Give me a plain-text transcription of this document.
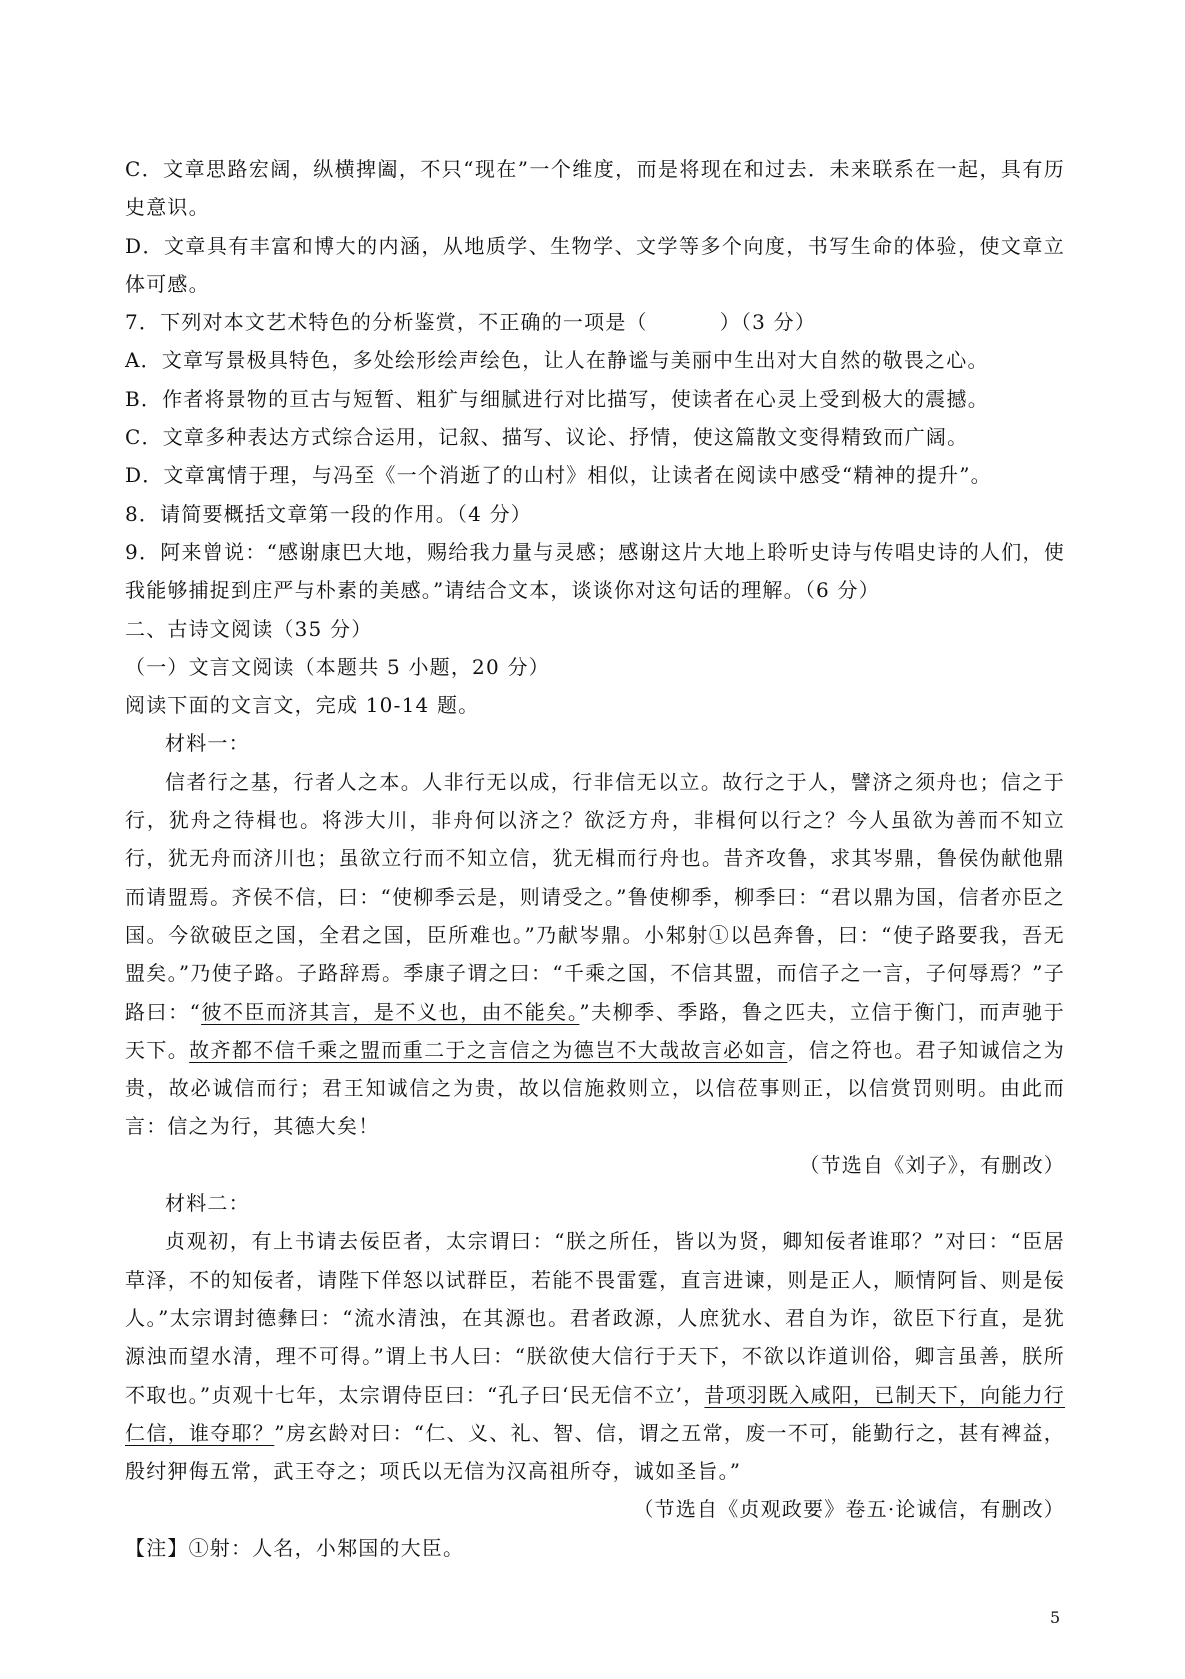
C．文章思路宏阔，纵横捭阖，不只“现在”一个维度，而是将现在和过去．未来联系在一起，具有历史意识。

D．文章具有丰富和博大的内涵，从地质学、生物学、文学等多个向度，书写生命的体验，使文章立体可感。

7．下列对本文艺术特色的分析鉴赏，不正确的一项是（	）（3 分）

A．文章写景极具特色，多处绘形绘声绘色，让人在静谧与美丽中生出对大自然的敬畏之心。

B．作者将景物的亘古与短暂、粗犷与细腻进行对比描写，使读者在心灵上受到极大的震撼。

C．文章多种表达方式综合运用，记叙、描写、议论、抒情，使这篇散文变得精致而广阔。

D．文章寓情于理，与冯至《一个消逝了的山村》相似，让读者在阅读中感受“精神的提升”。

8．请简要概括文章第一段的作用。（4 分）

9．阿来曾说：“感谢康巴大地，赐给我力量与灵感；感谢这片大地上聆听史诗与传唱史诗的人们，使我能够捕捉到庄严与朴素的美感。”请结合文本，谈谈你对这句话的理解。（6 分）

二、古诗文阅读（35 分）

（一）文言文阅读（本题共 5 小题，20 分）

阅读下面的文言文，完成 10-14 题。

材料一：

信者行之基，行者人之本。人非行无以成，行非信无以立。故行之于人，譬济之须舟也；信之于行，犹舟之待楫也。将涉大川，非舟何以济之？欲泛方舟，非楫何以行之？今人虽欲为善而不知立行，犹无舟而济川也；虽欲立行而不知立信，犹无楫而行舟也。昔齐攻鲁，求其岑鼎，鲁侯伪献他鼎而请盟焉。齐侯不信，曰：“使柳季云是，则请受之。”鲁使柳季，柳季曰：“君以鼎为国，信者亦臣之国。今欲破臣之国，全君之国，臣所难也。”乃献岑鼎。小邾射①以邑奔鲁，曰：“使子路要我，吾无盟矣。”乃使子路。子路辞焉。季康子谓之曰：“千乘之国，不信其盟，而信子之一言，子何辱焉？”子路曰：“彼不臣而济其言，是不义也，由不能矣。”夫柳季、季路，鲁之匹夫，立信于衡门，而声驰于天下。故齐都不信千乘之盟而重二于之言信之为德岂不大哉故言必如言，信之符也。君子知诚信之为贵，故必诚信而行；君王知诚信之为贵，故以信施救则立，以信莅事则正，以信赏罚则明。由此而言：信之为行，其德大矣！

（节选自《刘子》，有删改）

材料二：

贞观初，有上书请去佞臣者，太宗谓曰：“朕之所任，皆以为贤，卿知佞者谁耶？”对曰：“臣居草泽，不的知佞者，请陛下佯怒以试群臣，若能不畏雷霆，直言进谏，则是正人，顺情阿旨、则是佞人。”太宗谓封德彝曰：“流水清浊，在其源也。君者政源，人庶犹水、君自为诈，欲臣下行直，是犹源浊而望水清，理不可得。”谓上书人曰：“朕欲使大信行于天下，不欲以诈道训俗，卿言虽善，朕所不取也。”贞观十七年，太宗谓侍臣曰：“孔子曰‘民无信不立’，昔项羽既入咸阳，已制天下，向能力行仁信，谁夺耶？”房玄龄对曰：“仁、义、礼、智、信，谓之五常，废一不可，能勤行之，甚有裨益，殷纣狎侮五常，武王夺之；项氏以无信为汉高祖所夺，诚如圣旨。”

（节选自《贞观政要》卷五·论诚信，有删改）

【注】①射：人名，小邾国的大臣。

5
